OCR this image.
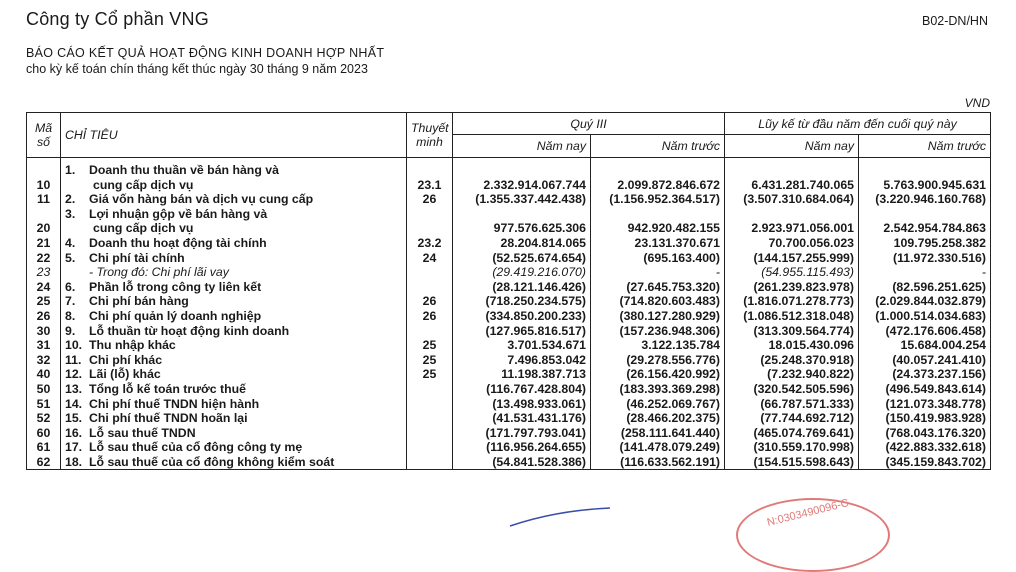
Công ty Cổ phần VNG	B02-DN/HN
BÁO CÁO KẾT QUẢ HOẠT ĐỘNG KINH DOANH HỢP NHẤT
cho kỳ kế toán chín tháng kết thúc ngày 30 tháng 9 năm 2023
VND
Mã số	CHỈ TIÊU	Thuyết minh	Quý III		Lũy kế từ đầu năm đến cuối quý này	
			Năm nay	Năm trước	Năm nay	Năm trước
	1. Doanh thu thuần về bán hàng và					
10	cung cấp dịch vụ	23.1	2.332.914.067.744	2.099.872.846.672	6.431.281.740.065	5.763.900.945.631
11	2. Giá vốn hàng bán và dịch vụ cung cấp	26	(1.355.337.442.438)	(1.156.952.364.517)	(3.507.310.684.064)	(3.220.946.160.768)
	3. Lợi nhuận gộp về bán hàng và					
20	cung cấp dịch vụ		977.576.625.306	942.920.482.155	2.923.971.056.001	2.542.954.784.863
21	4. Doanh thu hoạt động tài chính	23.2	28.204.814.065	23.131.370.671	70.700.056.023	109.795.258.382
22	5. Chi phí tài chính	24	(52.525.674.654)	(695.163.400)	(144.157.255.999)	(11.972.330.516)
23	- Trong đó: Chi phí lãi vay		(29.419.216.070)	-	(54.955.115.493)	-
24	6. Phần lỗ trong công ty liên kết		(28.121.146.426)	(27.645.753.320)	(261.239.823.978)	(82.596.251.625)
25	7. Chi phí bán hàng	26	(718.250.234.575)	(714.820.603.483)	(1.816.071.278.773)	(2.029.844.032.879)
26	8. Chi phí quản lý doanh nghiệp	26	(334.850.200.233)	(380.127.280.929)	(1.086.512.318.048)	(1.000.514.034.683)
30	9. Lỗ thuần từ hoạt động kinh doanh		(127.965.816.517)	(157.236.948.306)	(313.309.564.774)	(472.176.606.458)
31	10. Thu nhập khác	25	3.701.534.671	3.122.135.784	18.015.430.096	15.684.004.254
32	11. Chi phí khác	25	7.496.853.042	(29.278.556.776)	(25.248.370.918)	(40.057.241.410)
40	12. Lãi (lỗ) khác	25	11.198.387.713	(26.156.420.992)	(7.232.940.822)	(24.373.237.156)
50	13. Tổng lỗ kế toán trước thuế		(116.767.428.804)	(183.393.369.298)	(320.542.505.596)	(496.549.843.614)
51	14. Chi phí thuế TNDN hiện hành		(13.498.933.061)	(46.252.069.767)	(66.787.571.333)	(121.073.348.778)
52	15. Chi phí thuế TNDN hoãn lại		(41.531.431.176)	(28.466.202.375)	(77.744.692.712)	(150.419.983.928)
60	16. Lỗ sau thuế TNDN		(171.797.793.041)	(258.111.641.440)	(465.074.769.641)	(768.043.176.320)
61	17. Lỗ sau thuế của cổ đông công ty mẹ		(116.956.264.655)	(141.478.079.249)	(310.559.170.998)	(422.883.332.618)
62	18. Lỗ sau thuế của cổ đông không kiểm soát		(54.841.528.386)	(116.633.562.191)	(154.515.598.643)	(345.159.843.702)
N:0303490096-C
